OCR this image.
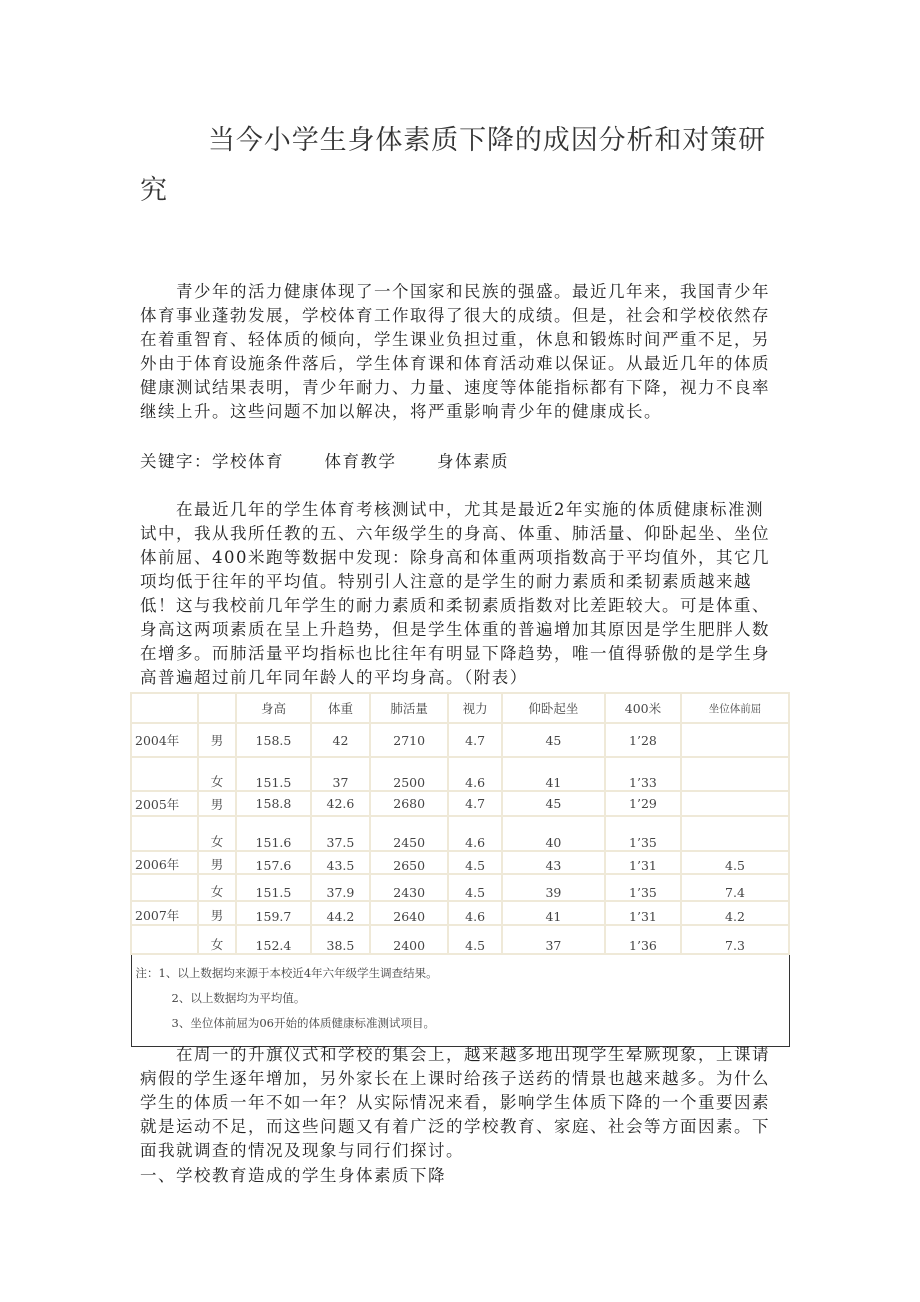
当今小学生身体素质下降的成因分析和对策研究
青少年的活力健康体现了一个国家和民族的强盛。最近几年来，我国青少年体育事业蓬勃发展，学校体育工作取得了很大的成绩。但是，社会和学校依然存在着重智育、轻体质的倾向，学生课业负担过重，休息和锻炼时间严重不足，另外由于体育设施条件落后，学生体育课和体育活动难以保证。从最近几年的体质健康测试结果表明，青少年耐力、力量、速度等体能指标都有下降，视力不良率继续上升。这些问题不加以解决，将严重影响青少年的健康成长。
关键字：学校体育 体育教学 身体素质
在最近几年的学生体育考核测试中，尤其是最近2年实施的体质健康标准测试中，我从我所任教的五、六年级学生的身高、体重、肺活量、仰卧起坐、坐位体前屈、400米跑等数据中发现：除身高和体重两项指数高于平均值外，其它几项均低于往年的平均值。特别引人注意的是学生的耐力素质和柔韧素质越来越低！这与我校前几年学生的耐力素质和柔韧素质指数对比差距较大。可是体重、身高这两项素质在呈上升趋势，但是学生体重的普遍增加其原因是学生肥胖人数在增多。而肺活量平均指标也比往年有明显下降趋势，唯一值得骄傲的是学生身高普遍超过前几年同年龄人的平均身高。（附表）
		身高	体重	肺活量	视力	仰卧起坐	400米	坐位体前屈
2004年	男	158.5	42	2710	4.7	45	1’28	
	女	151.5	37	2500	4.6	41	1’33	
2005年	男	158.8	42.6	2680	4.7	45	1’29	
	女	151.6	37.5	2450	4.6	40	1’35	
2006年	男	157.6	43.5	2650	4.5	43	1’31	4.5
	女	151.5	37.9	2430	4.5	39	1’35	7.4
2007年	男	159.7	44.2	2640	4.6	41	1’31	4.2
	女	152.4	38.5	2400	4.5	37	1’36	7.3

注：1、以上数据均来源于本校近4年六年级学生调查结果。
2、以上数据均为平均值。
3、坐位体前屈为06开始的体质健康标准测试项目。								
在周一的升旗仪式和学校的集会上，越来越多地出现学生晕厥现象，上课请病假的学生逐年增加，另外家长在上课时给孩子送药的情景也越来越多。为什么学生的体质一年不如一年？从实际情况来看，影响学生体质下降的一个重要因素就是运动不足，而这些问题又有着广泛的学校教育、家庭、社会等方面因素。下面我就调查的情况及现象与同行们探讨。
一、学校教育造成的学生身体素质下降
